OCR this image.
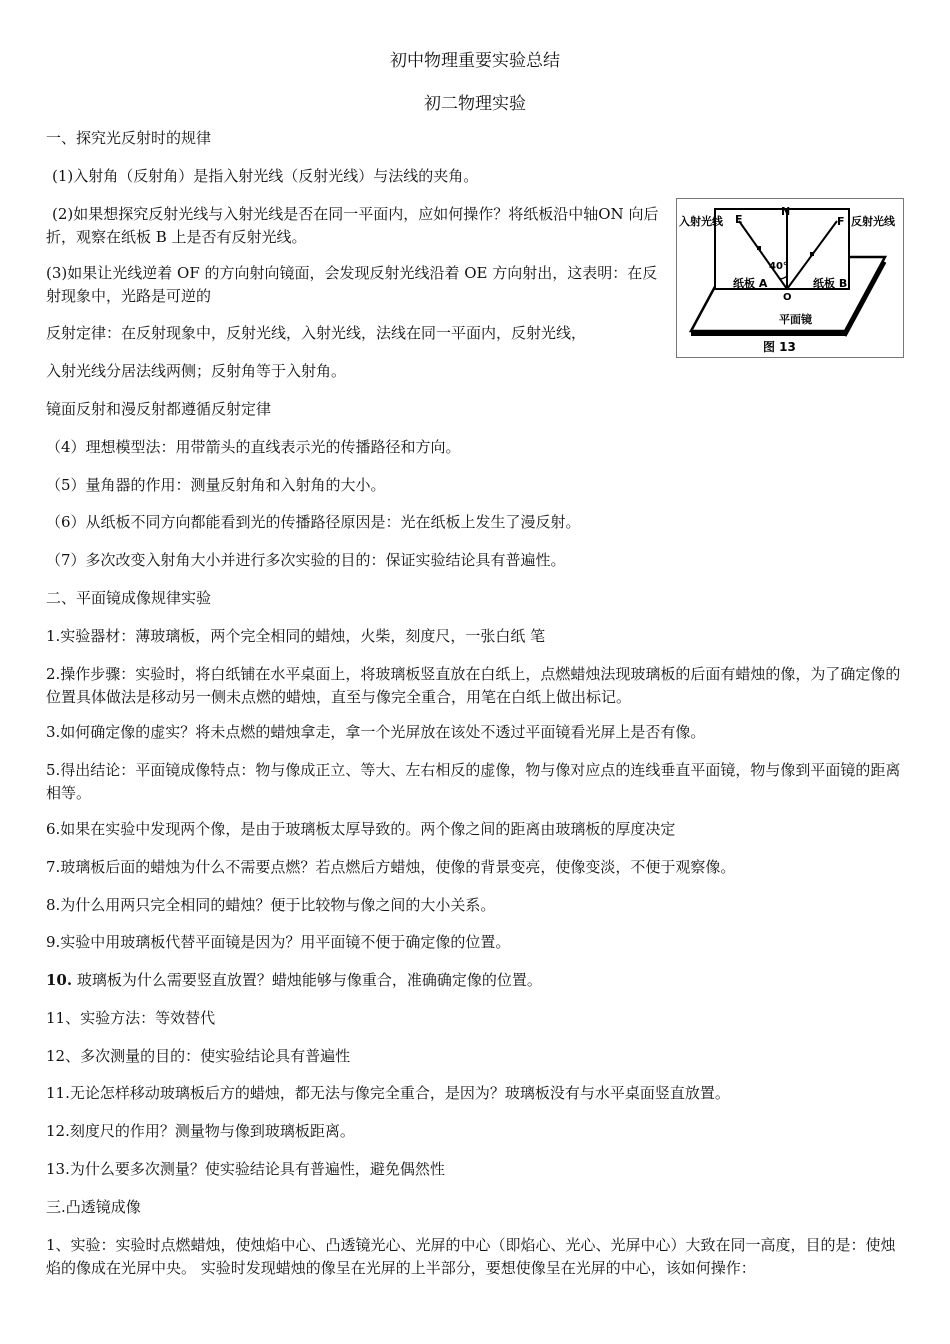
初中物理重要实验总结
初二物理实验
一、探究光反射时的规律
(1)入射角（反射角）是指入射光线（反射光线）与法线的夹角。
(2)如果想探究反射光线与入射光线是否在同一平面内，应如何操作？将纸板沿中轴ON 向后折，观察在纸板 B 上是否有反射光线。
(3)如果让光线逆着 OF 的方向射向镜面，会发现反射光线沿着 OE 方向射出，这表明：在反射现象中，光路是可逆的
反射定律：在反射现象中，反射光线，入射光线，法线在同一平面内，反射光线，
入射光线分居法线两侧；反射角等于入射角。
镜面反射和漫反射都遵循反射定律
（4）理想模型法：用带箭头的直线表示光的传播路径和方向。
（5）量角器的作用：测量反射角和入射角的大小。
（6）从纸板不同方向都能看到光的传播路径原因是：光在纸板上发生了漫反射。
（7）多次改变入射角大小并进行多次实验的目的：保证实验结论具有普遍性。
入射光线 E
N
F 反射光线
40°
纸板 A	纸板 B
O
平面镜
图 13
二、平面镜成像规律实验
1.实验器材：薄玻璃板，两个完全相同的蜡烛，火柴，刻度尺，一张白纸 笔
2.操作步骤：实验时，将白纸铺在水平桌面上，将玻璃板竖直放在白纸上，点燃蜡烛法现玻璃板的后面有蜡烛的像，为了确定像的位置具体做法是移动另一侧未点燃的蜡烛，直至与像完全重合，用笔在白纸上做出标记。
3.如何确定像的虚实？将未点燃的蜡烛拿走，拿一个光屏放在该处不透过平面镜看光屏上是否有像。
5.得出结论：平面镜成像特点：物与像成正立、等大、左右相反的虚像，物与像对应点的连线垂直平面镜，物与像到平面镜的距离相等。
6.如果在实验中发现两个像，是由于玻璃板太厚导致的。两个像之间的距离由玻璃板的厚度决定
7.玻璃板后面的蜡烛为什么不需要点燃？若点燃后方蜡烛，使像的背景变亮，使像变淡，不便于观察像。
8.为什么用两只完全相同的蜡烛？便于比较物与像之间的大小关系。
9.实验中用玻璃板代替平面镜是因为？用平面镜不便于确定像的位置。
10. 玻璃板为什么需要竖直放置？蜡烛能够与像重合，准确确定像的位置。
11、实验方法：等效替代
12、多次测量的目的：使实验结论具有普遍性
11.无论怎样移动玻璃板后方的蜡烛，都无法与像完全重合，是因为？玻璃板没有与水平桌面竖直放置。
12.刻度尺的作用？测量物与像到玻璃板距离。
13.为什么要多次测量？使实验结论具有普遍性，避免偶然性
三.凸透镜成像
1、实验：实验时点燃蜡烛，使烛焰中心、凸透镜光心、光屏的中心（即焰心、光心、光屏中心）大致在同一高度，目的是：使烛焰的像成在光屏中央。 实验时发现蜡烛的像呈在光屏的上半部分，要想使像呈在光屏的中心，该如何操作：
